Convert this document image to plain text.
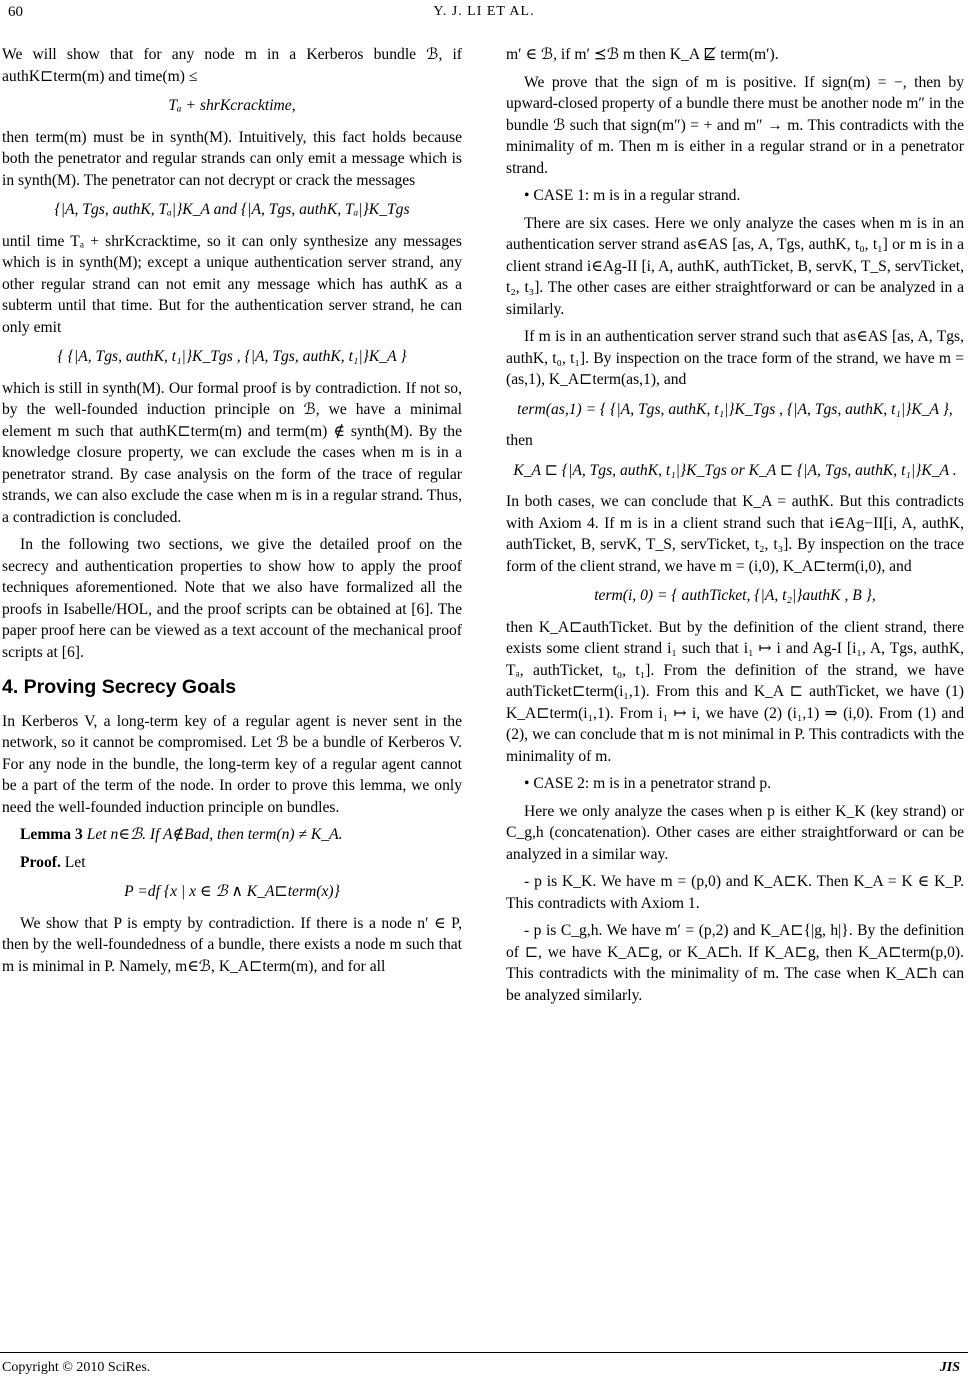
60	Y. J. LI ET AL.

We will show that for any node m in a Kerberos bundle ℬ, if authK⊏term(m) and time(m) ≤

Tₐ + shrKcracktime,

then term(m) must be in synth(M). Intuitively, this fact holds because both the penetrator and regular strands can only emit a message which is in synth(M). The penetrator can not decrypt or crack the messages

{|A, Tgs, authK, Tₐ|}K_A and {|A, Tgs, authK, Tₐ|}K_Tgs

until time Tₐ + shrKcracktime, so it can only synthesize any messages which is in synth(M); except a unique authentication server strand, any other regular strand can not emit any message which has authK as a subterm until that time. But for the authentication server strand, he can only emit

{ {|A, Tgs, authK, t₁|}K_Tgs , {|A, Tgs, authK, t₁|}K_A }

which is still in synth(M). Our formal proof is by contradiction. If not so, by the well-founded induction principle on ℬ, we have a minimal element m such that authK⊏term(m) and term(m) ∉ synth(M). By the knowledge closure property, we can exclude the cases when m is in a penetrator strand. By case analysis on the form of the trace of regular strands, we can also exclude the case when m is in a regular strand. Thus, a contradiction is concluded.

In the following two sections, we give the detailed proof on the secrecy and authentication properties to show how to apply the proof techniques aforementioned. Note that we also have formalized all the proofs in Isabelle/HOL, and the proof scripts can be obtained at [6]. The paper proof here can be viewed as a text account of the mechanical proof scripts at [6].

4. Proving Secrecy Goals

In Kerberos V, a long-term key of a regular agent is never sent in the network, so it cannot be compromised. Let ℬ be a bundle of Kerberos V. For any node in the bundle, the long-term key of a regular agent cannot be a part of the term of the node. In order to prove this lemma, we only need the well-founded induction principle on bundles.

Lemma 3 Let n∈ℬ. If A∉Bad, then term(n) ≠ K_A.

Proof. Let

P =df {x | x ∈ ℬ ∧ K_A⊏term(x)}

We show that P is empty by contradiction. If there is a node n′ ∈ P, then by the well-foundedness of a bundle, there exists a node m such that m is minimal in P. Namely, m∈ℬ, K_A⊏term(m), and for all

m′ ∈ ℬ, if m′ ⪯ℬ m then K_A ⋢ term(m′).

We prove that the sign of m is positive. If sign(m) = −, then by upward-closed property of a bundle there must be another node m″ in the bundle ℬ such that sign(m″) = + and m″ → m. This contradicts with the minimality of m. Then m is either in a regular strand or in a penetrator strand.

• CASE 1: m is in a regular strand.

There are six cases. Here we only analyze the cases when m is in an authentication server strand as∈AS [as, A, Tgs, authK, t₀, t₁] or m is in a client strand i∈Ag-II [i, A, authK, authTicket, B, servK, T_S, servTicket, t₂, t₃]. The other cases are either straightforward or can be analyzed in a similarly.

If m is in an authentication server strand such that as∈AS [as, A, Tgs, authK, t₀, t₁]. By inspection on the trace form of the strand, we have m = (as,1), K_A⊏term(as,1), and

term(as,1) = { {|A, Tgs, authK, t₁|}K_Tgs , {|A, Tgs, authK, t₁|}K_A },

then

K_A ⊏ {|A, Tgs, authK, t₁|}K_Tgs or K_A ⊏ {|A, Tgs, authK, t₁|}K_A .

In both cases, we can conclude that K_A = authK. But this contradicts with Axiom 4. If m is in a client strand such that i∈Ag−II[i, A, authK, authTicket, B, servK, T_S, servTicket, t₂, t₃]. By inspection on the trace form of the client strand, we have m = (i,0), K_A⊏term(i,0), and

term(i, 0) = { authTicket, {|A, t₂|}authK , B },

then K_A⊏authTicket. But by the definition of the client strand, there exists some client strand i₁ such that i₁ ↦ i and Ag-I [i₁, A, Tgs, authK, Tₐ, authTicket, t₀, t₁]. From the definition of the strand, we have authTicket⊏term(i₁,1). From this and K_A ⊏ authTicket, we have (1) K_A⊏term(i₁,1). From i₁ ↦ i, we have (2) (i₁,1) ⇒ (i,0). From (1) and (2), we can conclude that m is not minimal in P. This contradicts with the minimality of m.

• CASE 2: m is in a penetrator strand p.

Here we only analyze the cases when p is either K_K (key strand) or C_g,h (concatenation). Other cases are either straightforward or can be analyzed in a similar way.

- p is K_K. We have m = (p,0) and K_A⊏K. Then K_A = K ∈ K_P. This contradicts with Axiom 1.

- p is C_g,h. We have m′ = (p,2) and K_A⊏{|g, h|}. By the definition of ⊏, we have K_A⊏g, or K_A⊏h. If K_A⊏g, then K_A⊏term(p,0). This contradicts with the minimality of m. The case when K_A⊏h can be analyzed similarly.

Copyright © 2010 SciRes.	JIS
